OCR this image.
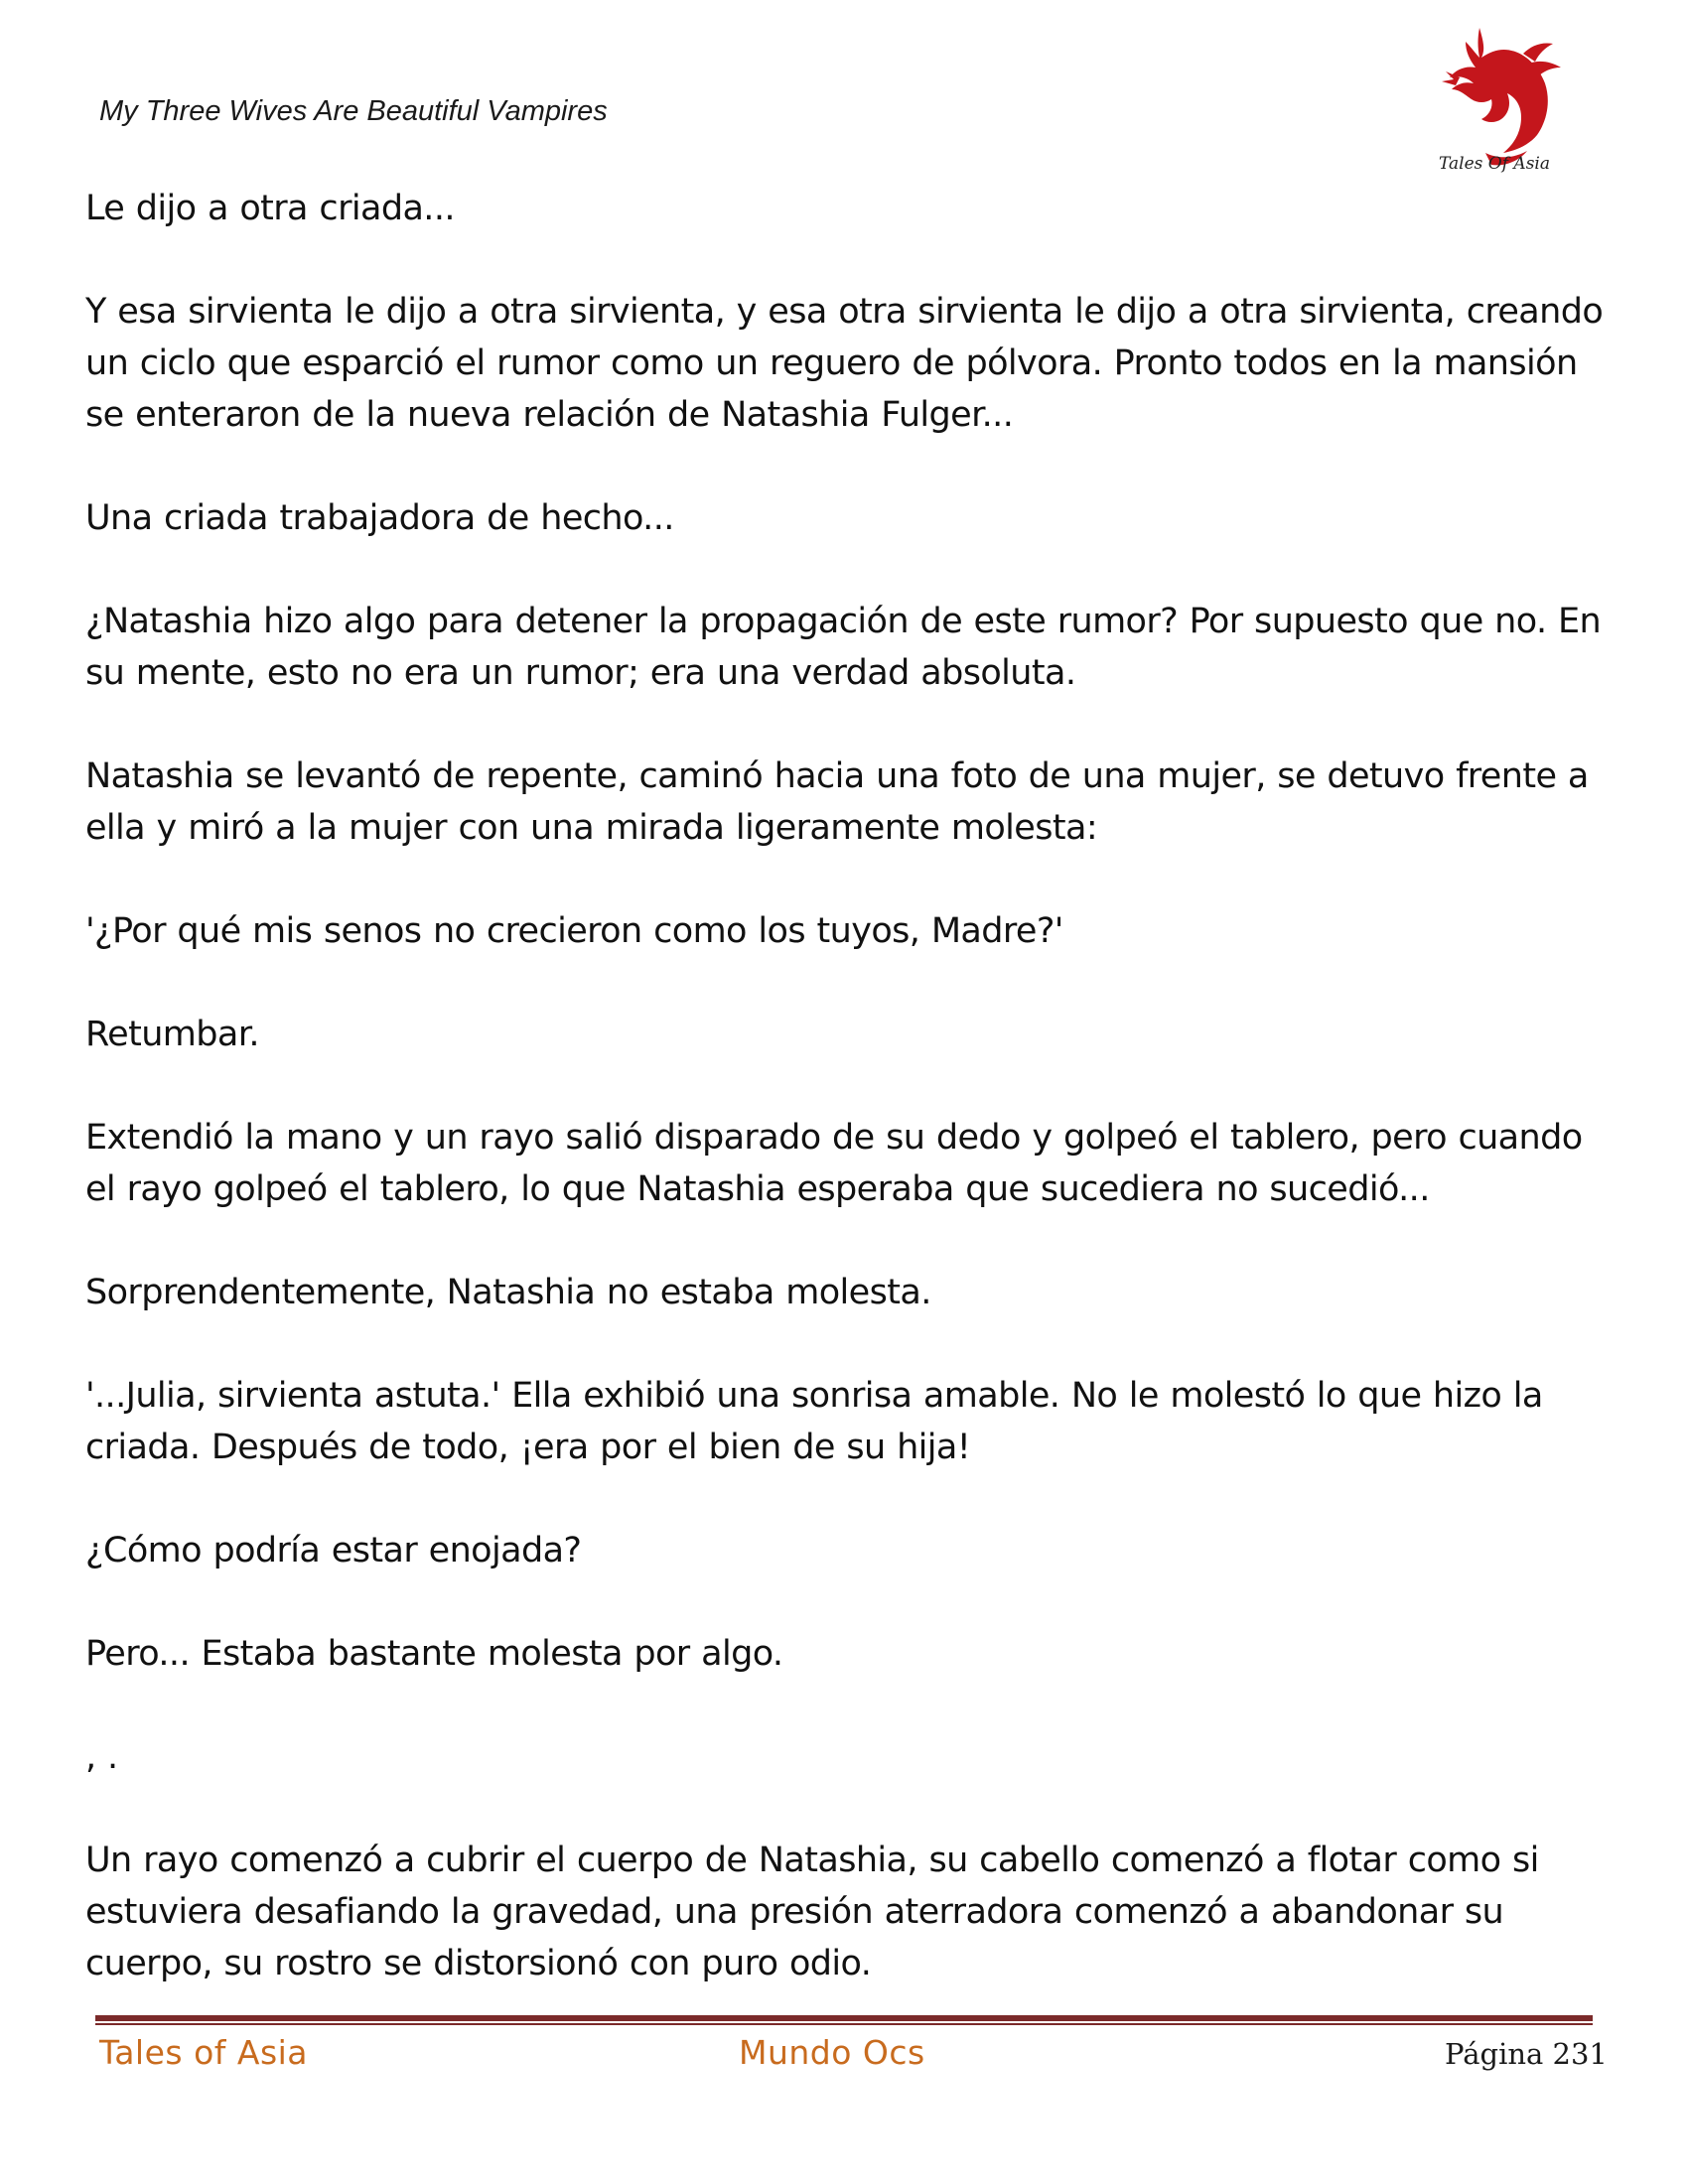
My Three Wives Are Beautiful Vampires
Tales Of Asia

Le dijo a otra criada...

Y esa sirvienta le dijo a otra sirvienta, y esa otra sirvienta le dijo a otra sirvienta, creando un ciclo que esparció el rumor como un reguero de pólvora. Pronto todos en la mansión se enteraron de la nueva relación de Natashia Fulger...

Una criada trabajadora de hecho...

¿Natashia hizo algo para detener la propagación de este rumor? Por supuesto que no. En su mente, esto no era un rumor; era una verdad absoluta.

Natashia se levantó de repente, caminó hacia una foto de una mujer, se detuvo frente a ella y miró a la mujer con una mirada ligeramente molesta:

'¿Por qué mis senos no crecieron como los tuyos, Madre?'

Retumbar.

Extendió la mano y un rayo salió disparado de su dedo y golpeó el tablero, pero cuando el rayo golpeó el tablero, lo que Natashia esperaba que sucediera no sucedió...

Sorprendentemente, Natashia no estaba molesta.

'...Julia, sirvienta astuta.' Ella exhibió una sonrisa amable. No le molestó lo que hizo la criada. Después de todo, ¡era por el bien de su hija!

¿Cómo podría estar enojada?

Pero... Estaba bastante molesta por algo.

, .

Un rayo comenzó a cubrir el cuerpo de Natashia, su cabello comenzó a flotar como si estuviera desafiando la gravedad, una presión aterradora comenzó a abandonar su cuerpo, su rostro se distorsionó con puro odio.

Tales of Asia	Mundo Ocs	Página 231
